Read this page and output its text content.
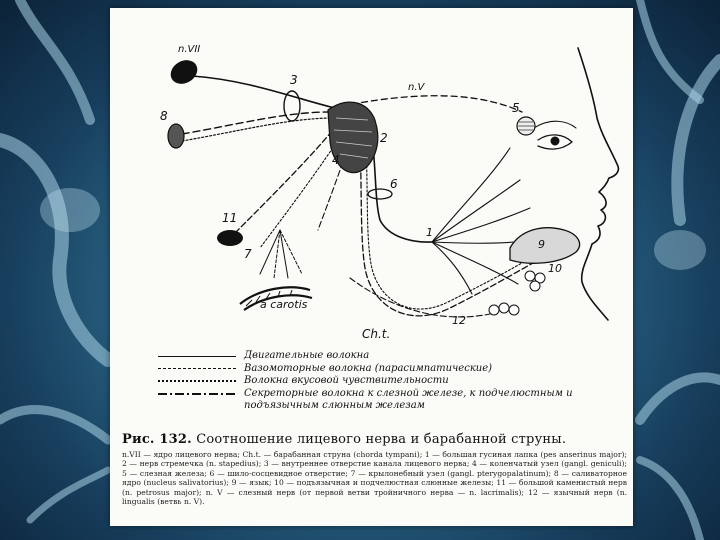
n.VII
n.V
1
2
3
4
5
6
7
8
9
10
11
12
a carotis
Ch.t.
Двигательные волокна
Вазомоторные волокна (парасимпатические)
Волокна вкусовой чувствительности
Секреторные волокна к слезной железе, к подчелюстным и
подъязычным слюнным железам
Рис. 132. Соотношение лицевого нерва и барабанной струны.
n.VII — ядро лицевого нерва; Ch.t. — барабанная струна (chorda tympani); 1 — большая гусиная лапка (pes anserinus major); 2 — нерв стремечка (n. stapedius); 3 — внутреннее отверстие канала лицевого нерва; 4 — коленчатый узел (gangl. geniculi); 5 — слезная железа; 6 — шило-сосцевидное отверстие; 7 — крылонебный узел (gangl. pterygopalatinum); 8 — саливаторное ядро (nucleus salivatorius); 9 — язык; 10 — подъязычная и подчелюстная слюнные железы; 11 — большой каменистый нерв (n. petrosus major); n. V — слезный нерв (от первой ветви тройничного нерва — n. lacrimalis); 12 — язычный нерв (n. lingualis (ветвь n. V).
